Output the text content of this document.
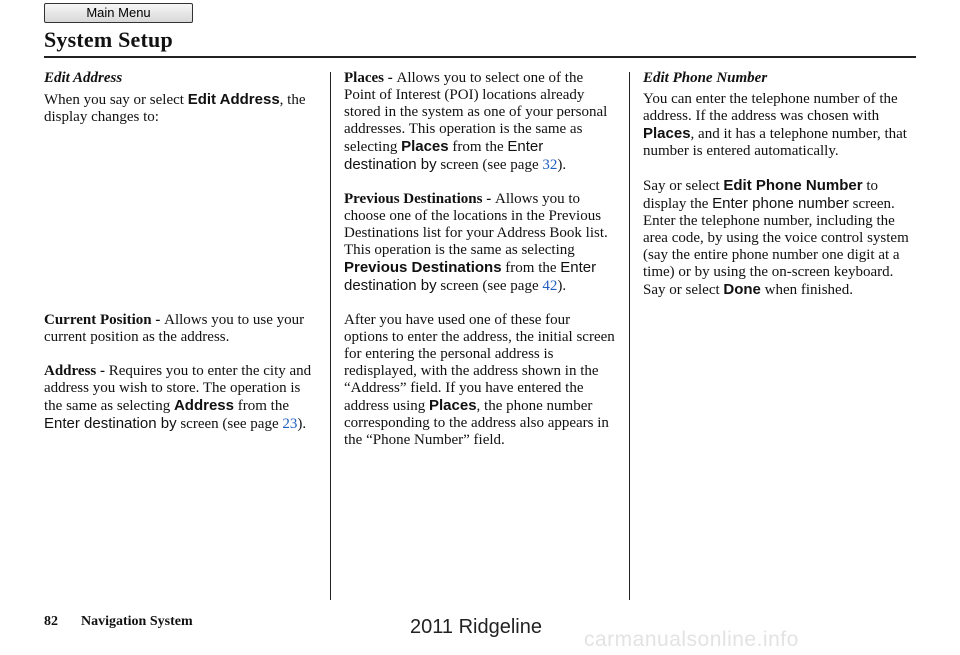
Main Menu
System Setup
Edit Address

When you say or select Edit Address, the display changes to:

Current Position - Allows you to use your current position as the address.

Address - Requires you to enter the city and address you wish to store. The operation is the same as selecting Address from the Enter destination by screen (see page 23).

Places - Allows you to select one of the Point of Interest (POI) locations already stored in the system as one of your personal addresses. This operation is the same as selecting Places from the Enter destination by screen (see page 32).

Previous Destinations - Allows you to choose one of the locations in the Previous Destinations list for your Address Book list. This operation is the same as selecting Previous Destinations from the Enter destination by screen (see page 42).

After you have used one of these four options to enter the address, the initial screen for entering the personal address is redisplayed, with the address shown in the “Address” field. If you have entered the address using Places, the phone number corresponding to the address also appears in the “Phone Number” field.

Edit Phone Number

You can enter the telephone number of the address. If the address was chosen with Places, and it has a telephone number, that number is entered automatically.

Say or select Edit Phone Number to display the Enter phone number screen. Enter the telephone number, including the area code, by using the voice control system (say the entire phone number one digit at a time) or by using the on-screen keyboard. Say or select Done when finished.

82 Navigation System	2011 Ridgeline
carmanualsonline.info
